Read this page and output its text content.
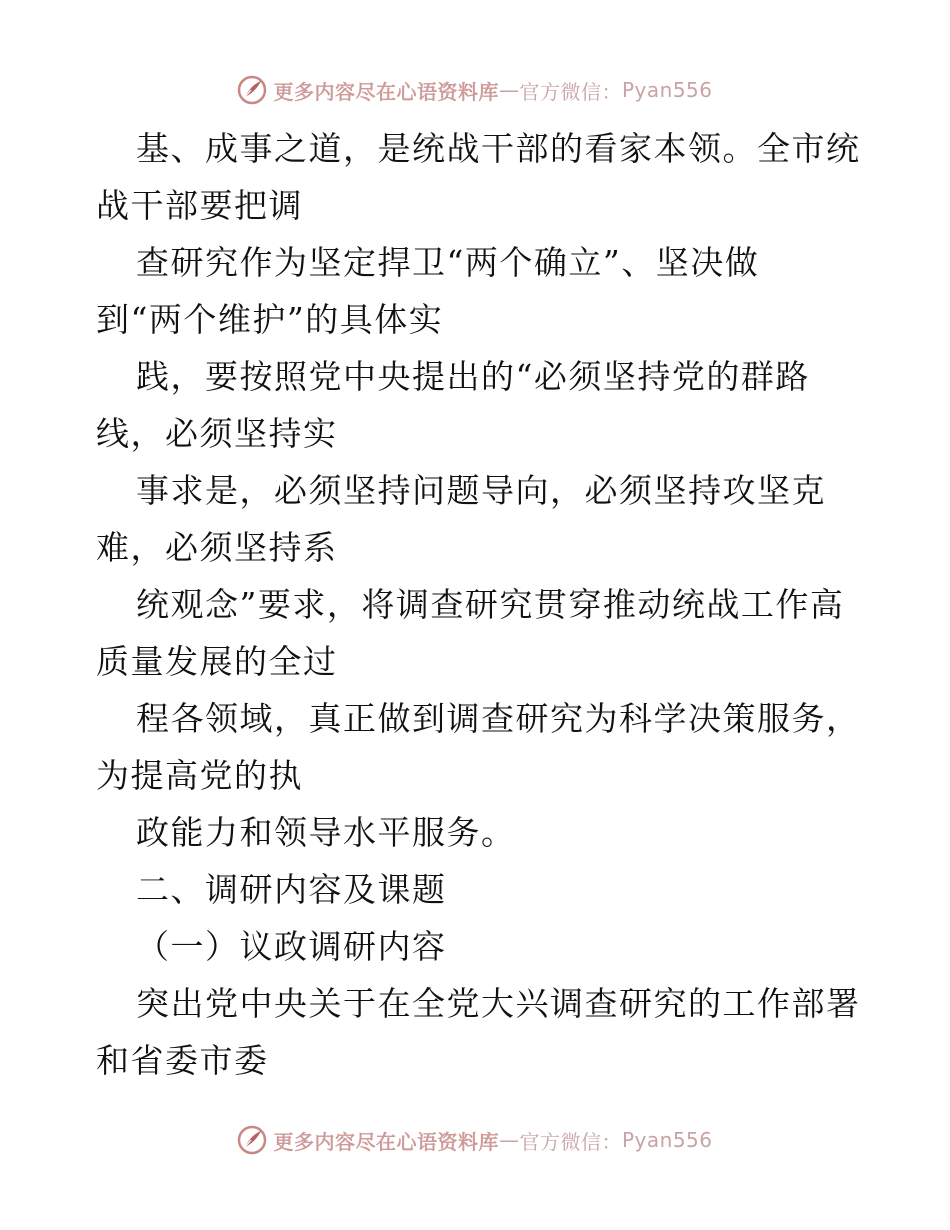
更多内容尽在心语资料库 — 官方微信： Pyan556
基、成事之道，是统战干部的看家本领。全市统
战干部要把调
查研究作为坚定捍卫“两个确立”、坚决做
到“两个维护”的具体实
践，要按照党中央提出的“必须坚持党的群路
线，必须坚持实
事求是，必须坚持问题导向，必须坚持攻坚克
难，必须坚持系
统观念”要求，将调查研究贯穿推动统战工作高
质量发展的全过
程各领域，真正做到调查研究为科学决策服务，
为提高党的执
政能力和领导水平服务。
二、调研内容及课题
（一）议政调研内容
突出党中央关于在全党大兴调查研究的工作部署
和省委市委
更多内容尽在心语资料库 — 官方微信： Pyan556
